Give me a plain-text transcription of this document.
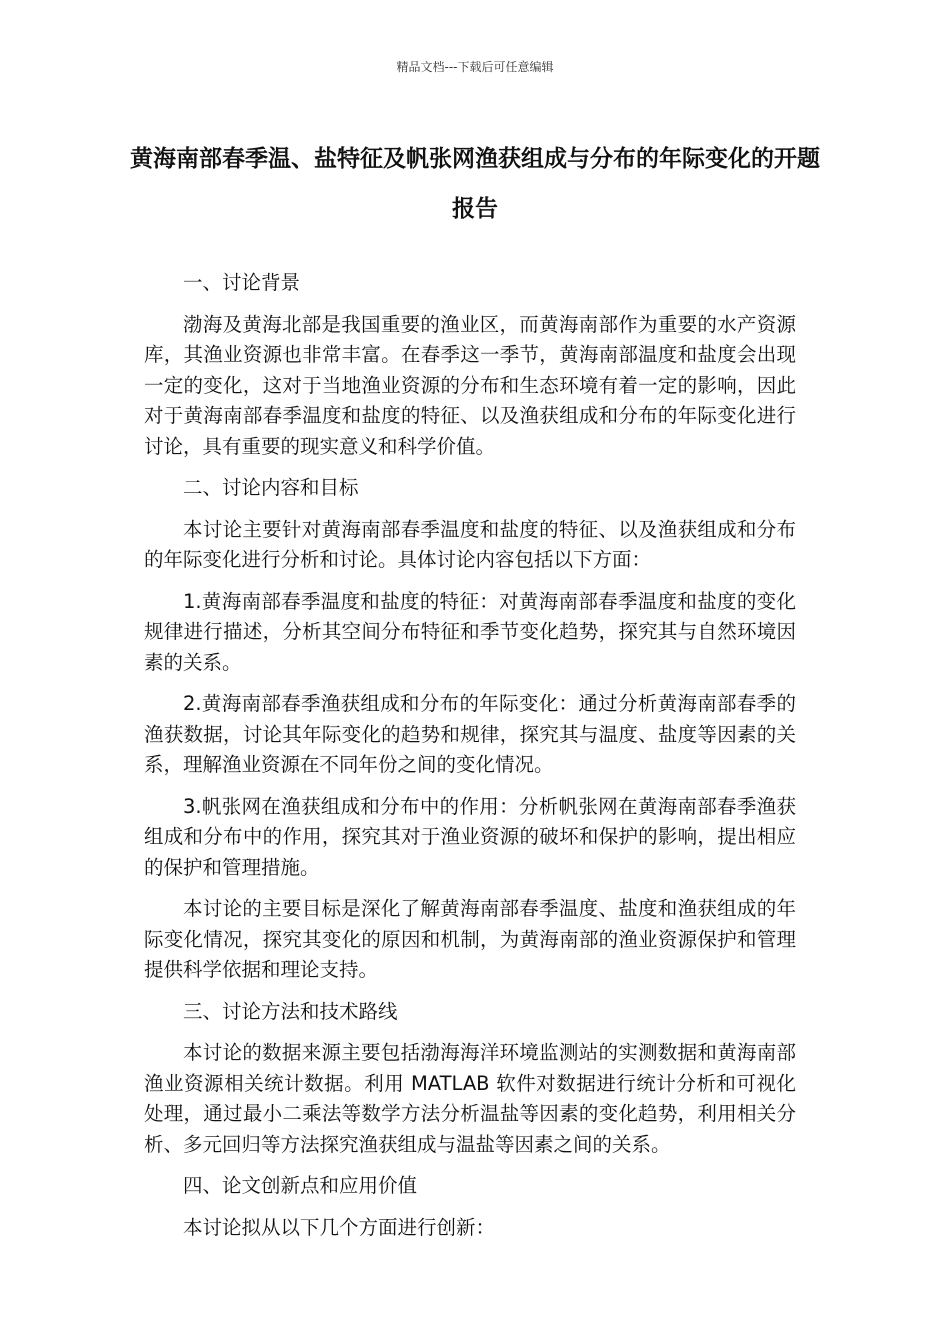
精品文档---下载后可任意编辑
黄海南部春季温、盐特征及帆张网渔获组成与分布的年际变化的开题报告

一、讨论背景

渤海及黄海北部是我国重要的渔业区，而黄海南部作为重要的水产资源库，其渔业资源也非常丰富。在春季这一季节，黄海南部温度和盐度会出现一定的变化，这对于当地渔业资源的分布和生态环境有着一定的影响，因此对于黄海南部春季温度和盐度的特征、以及渔获组成和分布的年际变化进行讨论，具有重要的现实意义和科学价值。

二、讨论内容和目标

本讨论主要针对黄海南部春季温度和盐度的特征、以及渔获组成和分布的年际变化进行分析和讨论。具体讨论内容包括以下方面：

1.黄海南部春季温度和盐度的特征：对黄海南部春季温度和盐度的变化规律进行描述，分析其空间分布特征和季节变化趋势，探究其与自然环境因素的关系。

2.黄海南部春季渔获组成和分布的年际变化：通过分析黄海南部春季的渔获数据，讨论其年际变化的趋势和规律，探究其与温度、盐度等因素的关系，理解渔业资源在不同年份之间的变化情况。

3.帆张网在渔获组成和分布中的作用：分析帆张网在黄海南部春季渔获组成和分布中的作用，探究其对于渔业资源的破坏和保护的影响，提出相应的保护和管理措施。

本讨论的主要目标是深化了解黄海南部春季温度、盐度和渔获组成的年际变化情况，探究其变化的原因和机制，为黄海南部的渔业资源保护和管理提供科学依据和理论支持。

三、讨论方法和技术路线

本讨论的数据来源主要包括渤海海洋环境监测站的实测数据和黄海南部渔业资源相关统计数据。利用 MATLAB 软件对数据进行统计分析和可视化处理，通过最小二乘法等数学方法分析温盐等因素的变化趋势，利用相关分析、多元回归等方法探究渔获组成与温盐等因素之间的关系。

四、论文创新点和应用价值

本讨论拟从以下几个方面进行创新：
